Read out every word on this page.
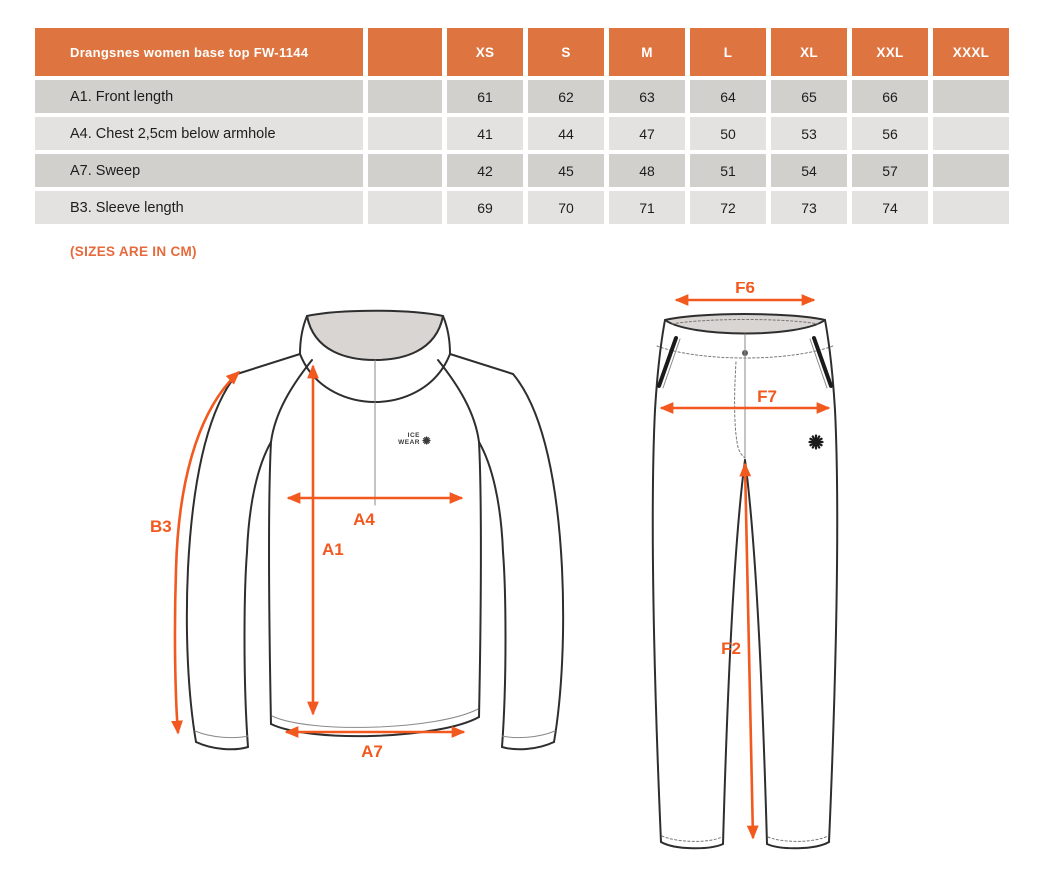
Drangsnes women base top FW-1144	XS	S	M	L	XL	XXL	XXXL
A1. Front length	61	62	63	64	65	66
A4. Chest 2,5cm below armhole	41	44	47	50	53	56
A7. Sweep	42	45	48	51	54	57
B3. Sleeve length	69	70	71	72	73	74
(SIZES ARE IN CM)
ICE
WEAR
B3	A4
A1
A7
F6
F7
F2
